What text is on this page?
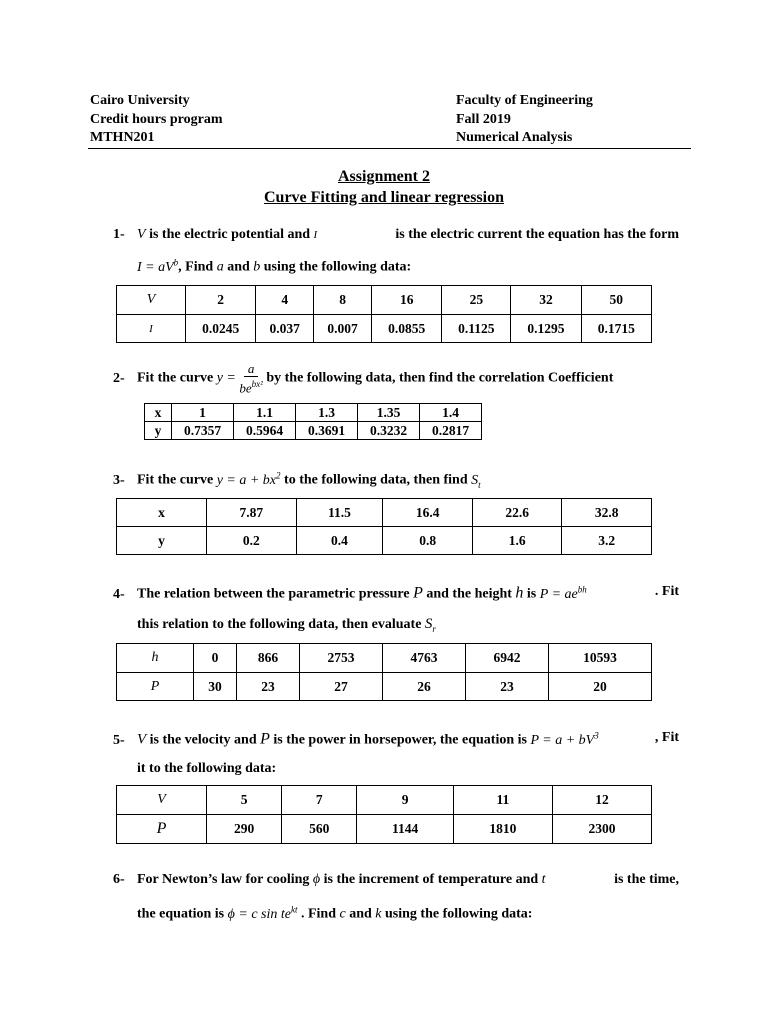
Cairo University
Credit hours program
MTHN201
Faculty of Engineering
Fall 2019
Numerical Analysis
Assignment 2
Curve Fitting and linear regression
1- V is the electric potential and I	is the electric current the equation has the form
$I = aV^b$, Find a and b using the following data:
V	2	4	8	16	25	32	50
I	0.0245	0.037	0.007	0.0855	0.1125	0.1295	0.1715
2- Fit the curve $y = \frac{a}{be^{bx^2}}$ by the following data, then find the correlation Coefficient
x	1	1.1	1.3	1.35	1.4
y	0.7357	0.5964	0.3691	0.3232	0.2817
3- Fit the curve $y = a + bx^2$ to the following data, then find $S_t$
x	7.87	11.5	16.4	22.6	32.8
y	0.2	0.4	0.8	1.6	3.2
4- The relation between the parametric pressure P and the height h is $P = ae^{bh}$	. Fit
this relation to the following data, then evaluate $S_r$
h	0	866	2753	4763	6942	10593
P	30	23	27	26	23	20
5- V is the velocity and P is the power in horsepower, the equation is $P = a + bV^3$	, Fit
it to the following data:
V	5	7	9	11	12
P	290	560	1144	1810	2300
6- For Newton’s law for cooling ϕ is the increment of temperature and t	is the time,
the equation is ϕ = c $\sin te^{kt}$ . Find c and k using the following data:
